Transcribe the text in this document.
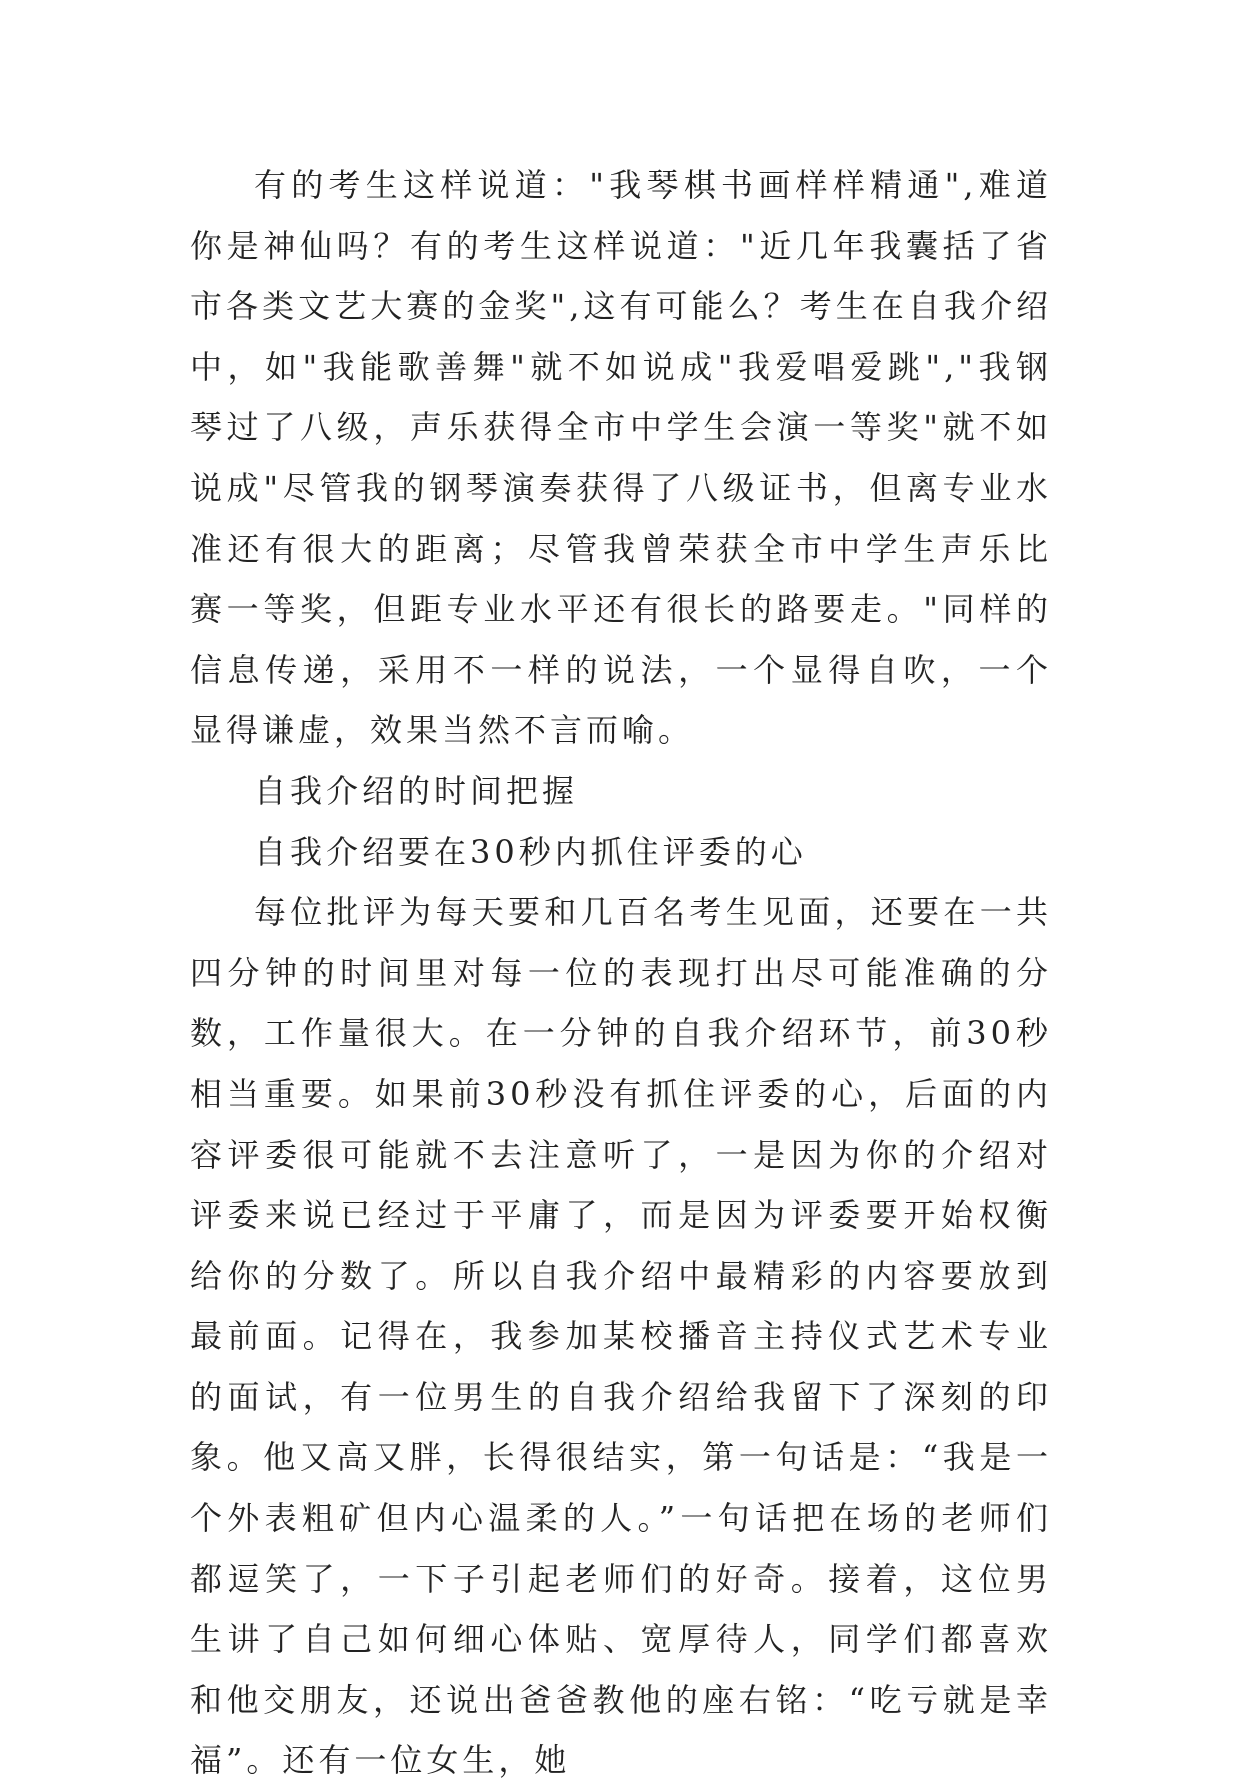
有的考生这样说道："我琴棋书画样样精通",难道你是神仙吗？有的考生这样说道："近几年我囊括了省市各类文艺大赛的金奖",这有可能么？考生在自我介绍中，如"我能歌善舞"就不如说成"我爱唱爱跳","我钢琴过了八级，声乐获得全市中学生会演一等奖"就不如说成"尽管我的钢琴演奏获得了八级证书，但离专业水准还有很大的距离；尽管我曾荣获全市中学生声乐比赛一等奖，但距专业水平还有很长的路要走。"同样的信息传递，采用不一样的说法，一个显得自吹，一个显得谦虚，效果当然不言而喻。

自我介绍的时间把握

自我介绍要在30秒内抓住评委的心

每位批评为每天要和几百名考生见面，还要在一共四分钟的时间里对每一位的表现打出尽可能准确的分数，工作量很大。在一分钟的自我介绍环节，前30秒相当重要。如果前30秒没有抓住评委的心，后面的内容评委很可能就不去注意听了，一是因为你的介绍对评委来说已经过于平庸了，而是因为评委要开始权衡给你的分数了。所以自我介绍中最精彩的内容要放到最前面。记得在，我参加某校播音主持仪式艺术专业的面试，有一位男生的自我介绍给我留下了深刻的印象。他又高又胖，长得很结实，第一句话是：“我是一个外表粗矿但内心温柔的人。”一句话把在场的老师们都逗笑了，一下子引起老师们的好奇。接着，这位男生讲了自己如何细心体贴、宽厚待人，同学们都喜欢和他交朋友，还说出爸爸教他的座右铭：“吃亏就是幸福”。还有一位女生，她
